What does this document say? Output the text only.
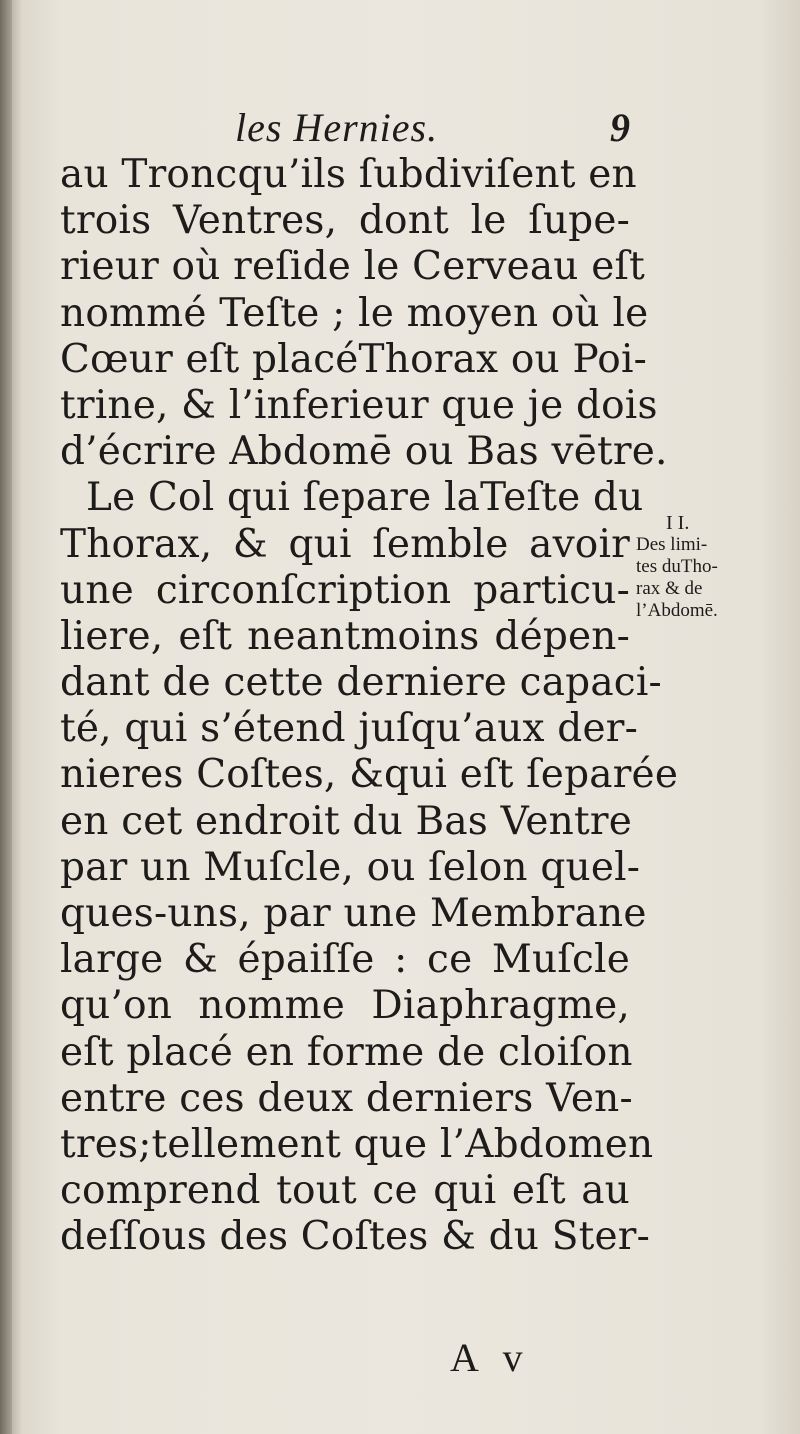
les Hernies.	9
au Troncqu’ils ſubdiviſent en
trois Ventres, dont le ſupe-
rieur où reſide le Cerveau eſt
nommé Teſte ; le moyen où le
Cœur eſt placéThorax ou Poi-
trine, & l’inferieur que je dois
d’écrire Abdomē ou Bas vētre.
Le Col qui ſepare laTeſte du
Thorax, & qui ſemble avoir
une circonſcription particu-
liere, eſt neantmoins dépen-
dant de cette derniere capaci-
té, qui s’étend juſqu’aux der-
nieres Coſtes, &qui eſt ſeparée
en cet endroit du Bas Ventre
par un Muſcle, ou ſelon quel-
ques-uns, par une Membrane
large & épaiſſe : ce Muſcle
qu’on nomme Diaphragme,
eſt placé en forme de cloiſon
entre ces deux derniers Ven-
tres;tellement que l’Abdomen
comprend tout ce qui eſt au
deſſous des Coſtes & du Ster-
I I.
Des limi-
tes duTho-
rax & de
l’Abdomē.
A v
